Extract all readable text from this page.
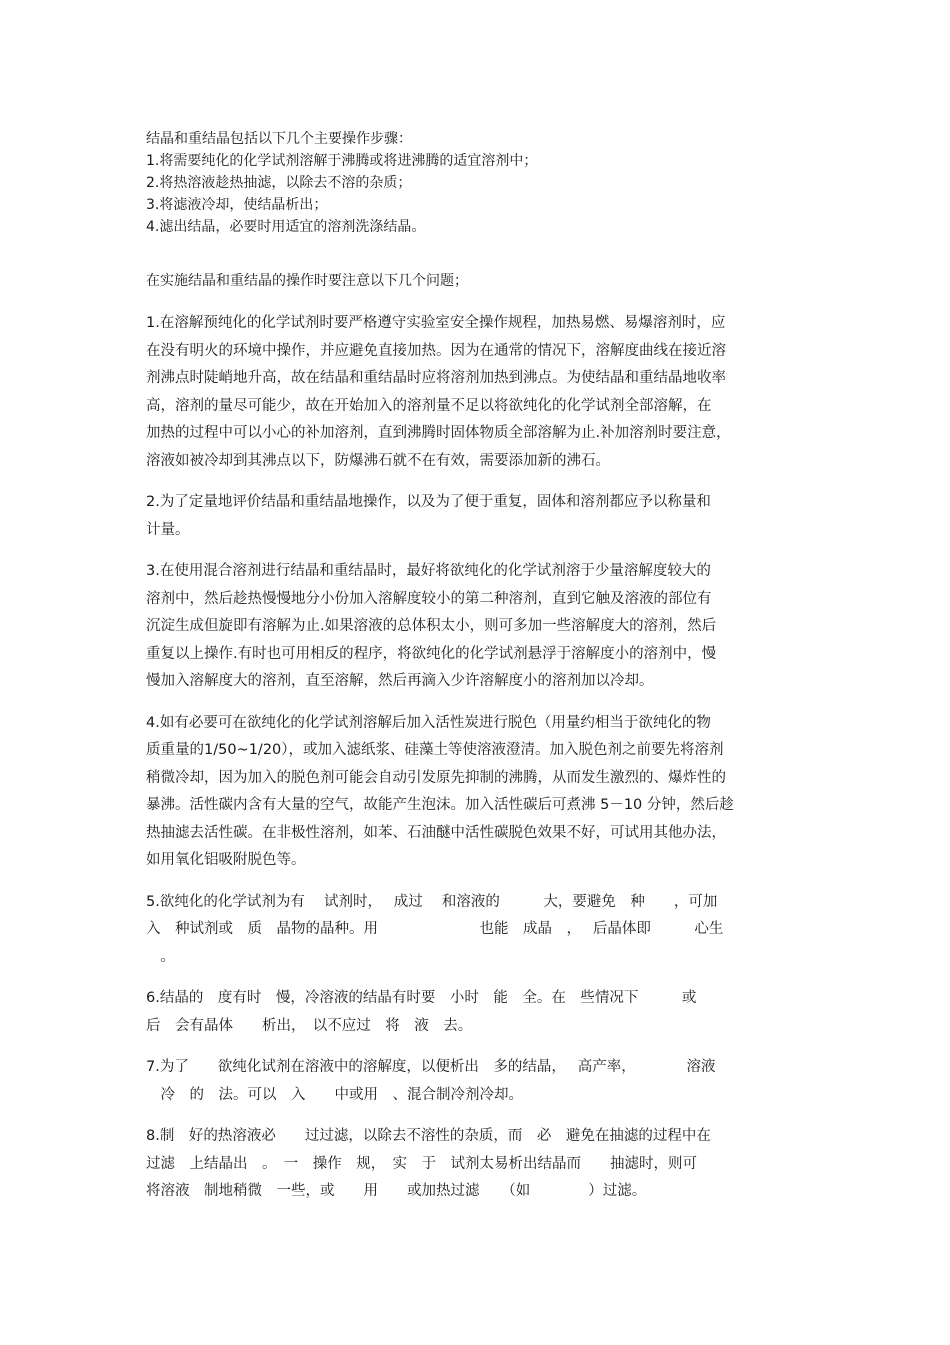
结晶和重结晶包括以下几个主要操作步骤：

1.将需要纯化的化学试剂溶解于沸腾或将进沸腾的适宜溶剂中；

2.将热溶液趁热抽滤，以除去不溶的杂质；

3.将滤液冷却，使结晶析出；

4.滤出结晶，必要时用适宜的溶剂洗涤结晶。

在实施结晶和重结晶的操作时要注意以下几个问题；

1.在溶解预纯化的化学试剂时要严格遵守实验室安全操作规程，加热易燃、易爆溶剂时，应

在没有明火的环境中操作，并应避免直接加热。因为在通常的情况下，溶解度曲线在接近溶

剂沸点时陡峭地升高，故在结晶和重结晶时应将溶剂加热到沸点。为使结晶和重结晶地收率

高，溶剂的量尽可能少，故在开始加入的溶剂量不足以将欲纯化的化学试剂全部溶解，在

加热的过程中可以小心的补加溶剂，直到沸腾时固体物质全部溶解为止.补加溶剂时要注意，

溶液如被冷却到其沸点以下，防爆沸石就不在有效，需要添加新的沸石。

2.为了定量地评价结晶和重结晶地操作，以及为了便于重复，固体和溶剂都应予以称量和

计量。

3.在使用混合溶剂进行结晶和重结晶时，最好将欲纯化的化学试剂溶于少量溶解度较大的

溶剂中，然后趁热慢慢地分小份加入溶解度较小的第二种溶剂，直到它触及溶液的部位有

沉淀生成但旋即有溶解为止.如果溶液的总体积太小，则可多加一些溶解度大的溶剂，然后

重复以上操作.有时也可用相反的程序，将欲纯化的化学试剂悬浮于溶解度小的溶剂中，慢

慢加入溶解度大的溶剂，直至溶解，然后再滴入少许溶解度小的溶剂加以冷却。

4.如有必要可在欲纯化的化学试剂溶解后加入活性炭进行脱色（用量约相当于欲纯化的物

质重量的1/50~1/20），或加入滤纸浆、硅藻土等使溶液澄清。加入脱色剂之前要先将溶剂

稍微冷却，因为加入的脱色剂可能会自动引发原先抑制的沸腾，从而发生激烈的、爆炸性的

暴沸。活性碳内含有大量的空气，故能产生泡沫。加入活性碳后可煮沸 5－10 分钟，然后趁

热抽滤去活性碳。在非极性溶剂，如苯、石油醚中活性碳脱色效果不好，可试用其他办法，

如用氧化铝吸附脱色等。

5.欲纯化的化学试剂为有　 试剂时，　 成过　 和溶液的　　　大，要避免　种　　，可加

入　种试剂或　质　晶物的晶种。用　　　　　　　也能　成晶　，　 后晶体即　　　心生

　。

6.结晶的　度有时　慢，冷溶液的结晶有时要　小时　能　全。在　些情况下　　　或

后　会有晶体　　析出，　以不应过　将　液　去。

7.为了　　欲纯化试剂在溶液中的溶解度，以便析出　多的结晶，　 高产率，　　　　溶液

　冷　的　法。可以　入　　中或用　、混合制冷剂冷却。

8.制　好的热溶液必　　过过滤，以除去不溶性的杂质，而　必　避免在抽滤的过程中在

过滤　上结晶出　。　一　操作　规，　实　于　试剂太易析出结晶而　　抽滤时，则可

将溶液　制地稍微　一些，或　　用　　或加热过滤　　（如　　　　）过滤。
